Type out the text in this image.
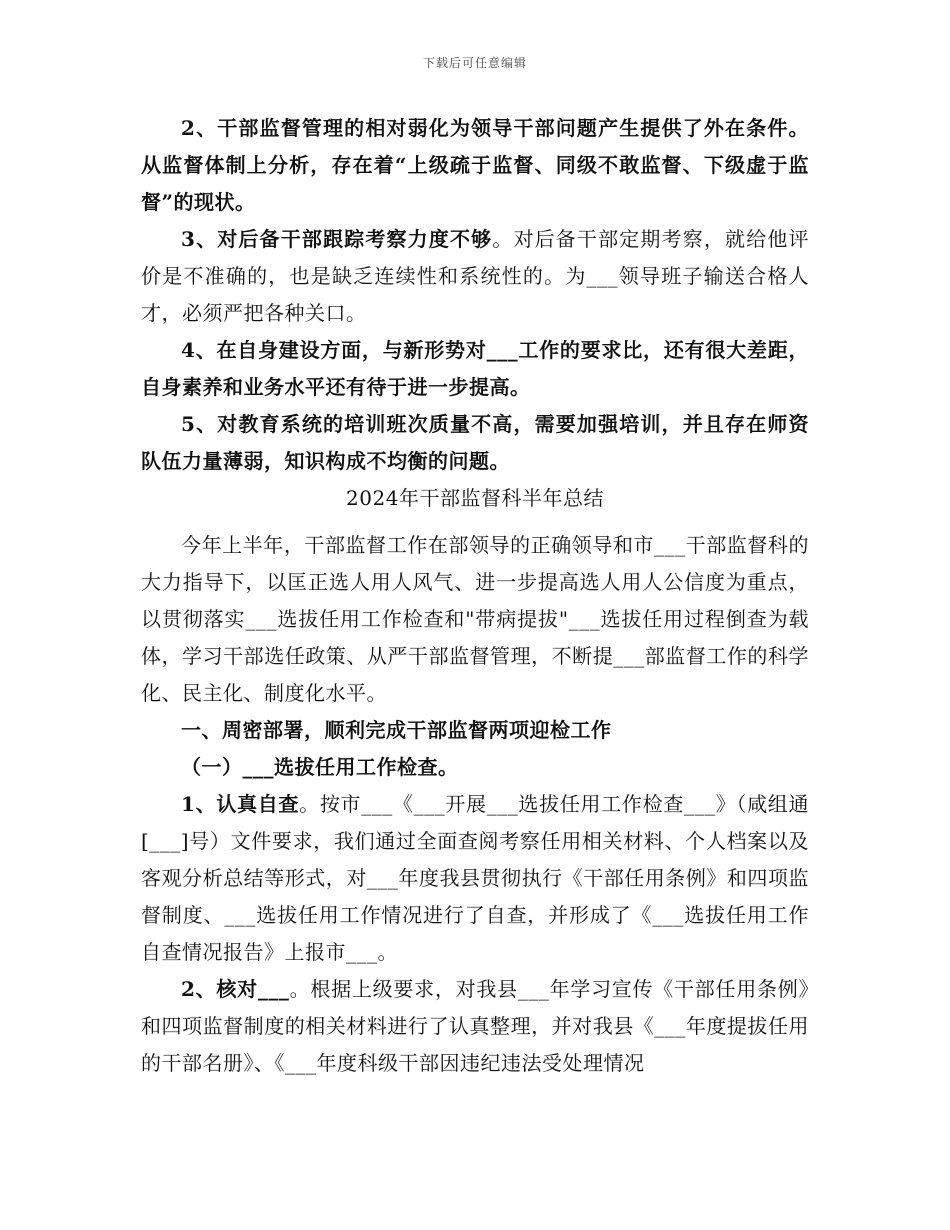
下载后可任意编辑

2、干部监督管理的相对弱化为领导干部问题产生提供了外在条件。从监督体制上分析，存在着“上级疏于监督、同级不敢监督、下级虚于监督”的现状。

3、对后备干部跟踪考察力度不够。对后备干部定期考察，就给他评价是不准确的，也是缺乏连续性和系统性的。为___领导班子输送合格人才，必须严把各种关口。

4、在自身建设方面，与新形势对___工作的要求比，还有很大差距，自身素养和业务水平还有待于进一步提高。

5、对教育系统的培训班次质量不高，需要加强培训，并且存在师资队伍力量薄弱，知识构成不均衡的问题。

2024年干部监督科半年总结

今年上半年，干部监督工作在部领导的正确领导和市___干部监督科的大力指导下，以匡正选人用人风气、进一步提高选人用人公信度为重点，以贯彻落实___选拔任用工作检查和"带病提拔"___选拔任用过程倒查为载体，学习干部选任政策、从严干部监督管理，不断提___部监督工作的科学化、民主化、制度化水平。

一、周密部署，顺利完成干部监督两项迎检工作

（一）___选拔任用工作检查。

1、认真自查。按市___《___开展___选拔任用工作检查___》（咸组通[___]号）文件要求，我们通过全面查阅考察任用相关材料、个人档案以及客观分析总结等形式，对___年度我县贯彻执行《干部任用条例》和四项监督制度、___选拔任用工作情况进行了自查，并形成了《___选拔任用工作自查情况报告》上报市___。

2、核对___。根据上级要求，对我县___年学习宣传《干部任用条例》和四项监督制度的相关材料进行了认真整理，并对我县《___年度提拔任用的干部名册》、《___年度科级干部因违纪违法受处理情况
